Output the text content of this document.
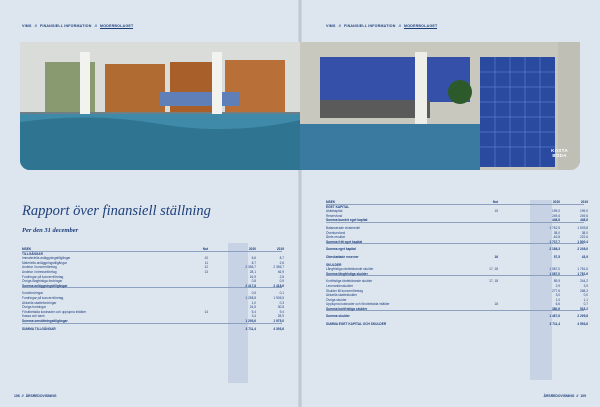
VIMS // FINANSIELL INFORMATION // MODERBOLAGET	VIMS // FINANSIELL INFORMATION // MODERBOLAGET
KOSTA
BODA
Rapport över finansiell ställning
Per den 31 december
MSEK	Not	2020	2019
TILLGÅNGAR
Immateriella anläggningstillgångar	10	6,6	8,7
Materiella anläggningstillgångar	11	8,7	2,6
Andelar i koncernföretag	12	2 356,7	2 356,7
Andelar i intresseföretag	13	28,1	46,9
Fordringar på koncernföretag	16,9	2,8
Övriga långfristiga fordringar	0,8	0,9
Summa anläggningstillgångar	2 417,8	2 418,6
Kundfordringar	0,5	0,1
Fordringar på koncernföretag	1 258,8	1 905,5
Aktuella skattefordringar	1,0	0,3
Övriga fordringar	24,5	30,8
Förutbetalda kostnader och upplupna intäkter	14	5,4	9,4
Kassa och bank	3,4	28,9
Summa omsättningstillgångar	1 293,6	1 975,0
SUMMA TILLGÅNGAR	3 711,4	4 393,6
MSEK	Not	2020	2019
EGET KAPITAL
Aktiekapital	15	199,0	199,0
Reservfond	249,6	249,6
Summa bundet eget kapital	448,6	448,6
Balanserade vinstmedel	1 762,5	1 539,8
Överkursfond	38,0	38,0
Årets resultat	-62,8	222,6
Summa fritt eget kapital	1 737,7	1 800,4
Summa eget kapital	2 186,3	2 249,0
Obeskattade reserver	16	57,5	43,9
SKULDER
Långfristiga räntebärande skulder	17, 18	1 087,0	1 781,6
Summa långfristiga skulder	1 087,0	1 781,6
Kortfristiga räntebärande skulder	17, 18	89,5	244,2
Leverantörsskulder	2,9	3,9
Skulder till koncernföretag	277,5	268,3
Aktuella skatteskulder	3,0	0,0
Övriga skulder	1,0	1,1
Upplupna kostnader och förutbetalda intäkter	18	6,6	0,7
Summa kortfristiga skulder	380,6	518,2
Summa skulder	1 467,6	2 299,8
SUMMA EGET KAPITAL OCH SKULDER	3 711,4	4 593,6
108 // ÅRSREDOVISNING	ÅRSREDOVISNING // 109
